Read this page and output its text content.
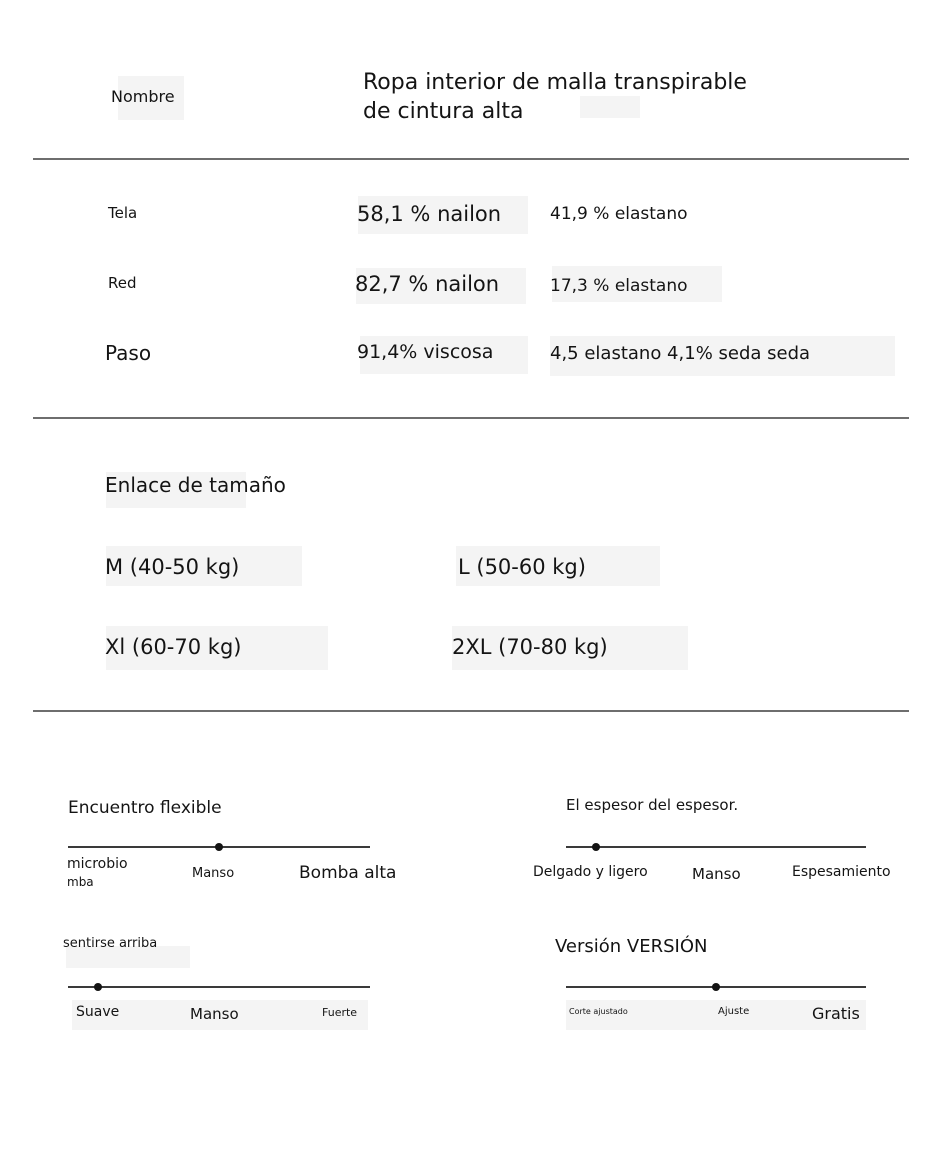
Nombre
Ropa interior de malla transpirable
de cintura alta
Tela	58,1 % nailon	41,9 % elastano
Red	82,7 % nailon	17,3 % elastano
Paso	91,4% viscosa	4,5 elastano 4,1% seda seda
Enlace de tamaño
M (40-50 kg)	L (50-60 kg)
Xl (60-70 kg)	2XL (70-80 kg)
Encuentro flexible
microbio
mba
Manso	Bomba alta
El espesor del espesor.
Delgado y ligero	Manso	Espesamiento
sentirse arriba
Suave	Manso	Fuerte
Versión VERSIÓN
Corte ajustado	Ajuste	Gratis
